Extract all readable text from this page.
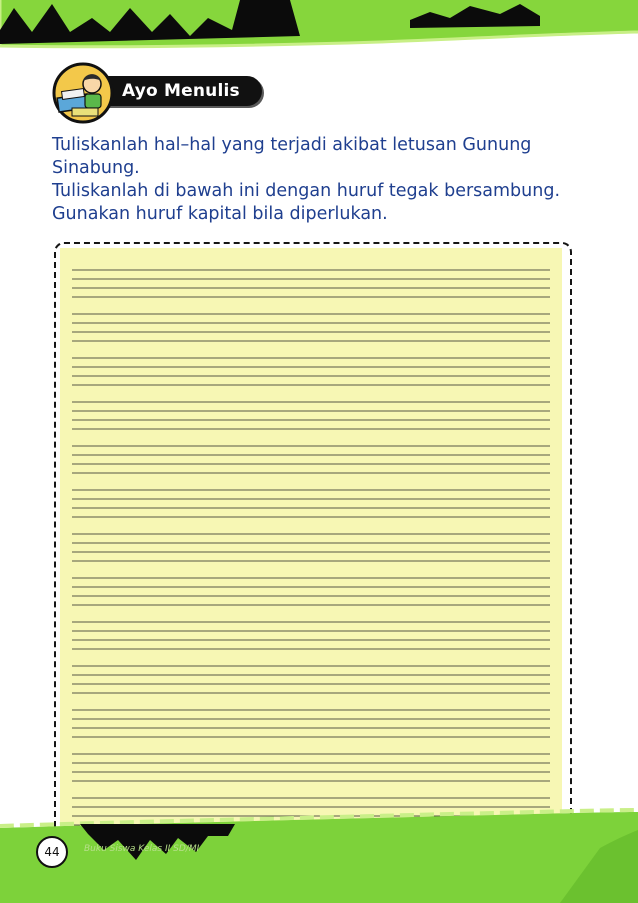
Ayo Menulis

Tuliskanlah hal–hal yang terjadi akibat letusan Gunung Sinabung.

Tuliskanlah di bawah ini dengan huruf tegak bersambung.

Gunakan huruf kapital bila diperlukan.

44	Buku Siswa Kelas II SD/MI
